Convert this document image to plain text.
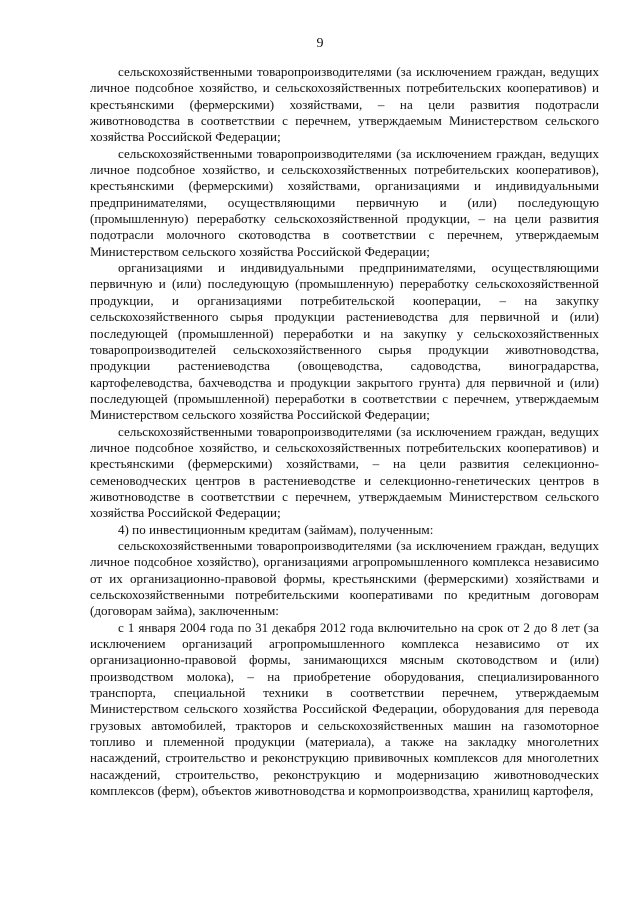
9

сельскохозяйственными товаропроизводителями (за исключением граждан, ведущих личное подсобное хозяйство, и сельскохозяйственных потребительских кооперативов) и крестьянскими (фермерскими) хозяйствами, – на цели развития подотрасли животноводства в соответствии с перечнем, утверждаемым Министерством сельского хозяйства Российской Федерации;

сельскохозяйственными товаропроизводителями (за исключением граждан, ведущих личное подсобное хозяйство, и сельскохозяйственных потребительских кооперативов), крестьянскими (фермерскими) хозяйствами, организациями и индивидуальными предпринимателями, осуществляющими первичную и (или) последующую (промышленную) переработку сельскохозяйственной продукции, – на цели развития подотрасли молочного скотоводства в соответствии с перечнем, утверждаемым Министерством сельского хозяйства Российской Федерации;

организациями и индивидуальными предпринимателями, осуществляющими первичную и (или) последующую (промышленную) переработку сельскохозяйственной продукции, и организациями потребительской кооперации, – на закупку сельскохозяйственного сырья продукции растениеводства для первичной и (или) последующей (промышленной) переработки и на закупку у сельскохозяйственных товаропроизводителей сельскохозяйственного сырья продукции животноводства, продукции растениеводства (овощеводства, садоводства, виноградарства, картофелеводства, бахчеводства и продукции закрытого грунта) для первичной и (или) последующей (промышленной) переработки в соответствии с перечнем, утверждаемым Министерством сельского хозяйства Российской Федерации;

сельскохозяйственными товаропроизводителями (за исключением граждан, ведущих личное подсобное хозяйство, и сельскохозяйственных потребительских кооперативов) и крестьянскими (фермерскими) хозяйствами, – на цели развития селекционно-семеноводческих центров в растениеводстве и селекционно-генетических центров в животноводстве в соответствии с перечнем, утверждаемым Министерством сельского хозяйства Российской Федерации;

4) по инвестиционным кредитам (займам), полученным:

сельскохозяйственными товаропроизводителями (за исключением граждан, ведущих личное подсобное хозяйство), организациями агропромышленного комплекса независимо от их организационно-правовой формы, крестьянскими (фермерскими) хозяйствами и сельскохозяйственными потребительскими кооперативами по кредитным договорам (договорам займа), заключенным:

с 1 января 2004 года по 31 декабря 2012 года включительно на срок от 2 до 8 лет (за исключением организаций агропромышленного комплекса независимо от их организационно-правовой формы, занимающихся мясным скотоводством и (или) производством молока), – на приобретение оборудования, специализированного транспорта, специальной техники в соответствии перечнем, утверждаемым Министерством сельского хозяйства Российской Федерации, оборудования для перевода грузовых автомобилей, тракторов и сельскохозяйственных машин на газомоторное топливо и племенной продукции (материала), а также на закладку многолетних насаждений, строительство и реконструкцию прививочных комплексов для многолетних насаждений, строительство, реконструкцию и модернизацию животноводческих комплексов (ферм), объектов животноводства и кормопроизводства, хранилищ картофеля,
